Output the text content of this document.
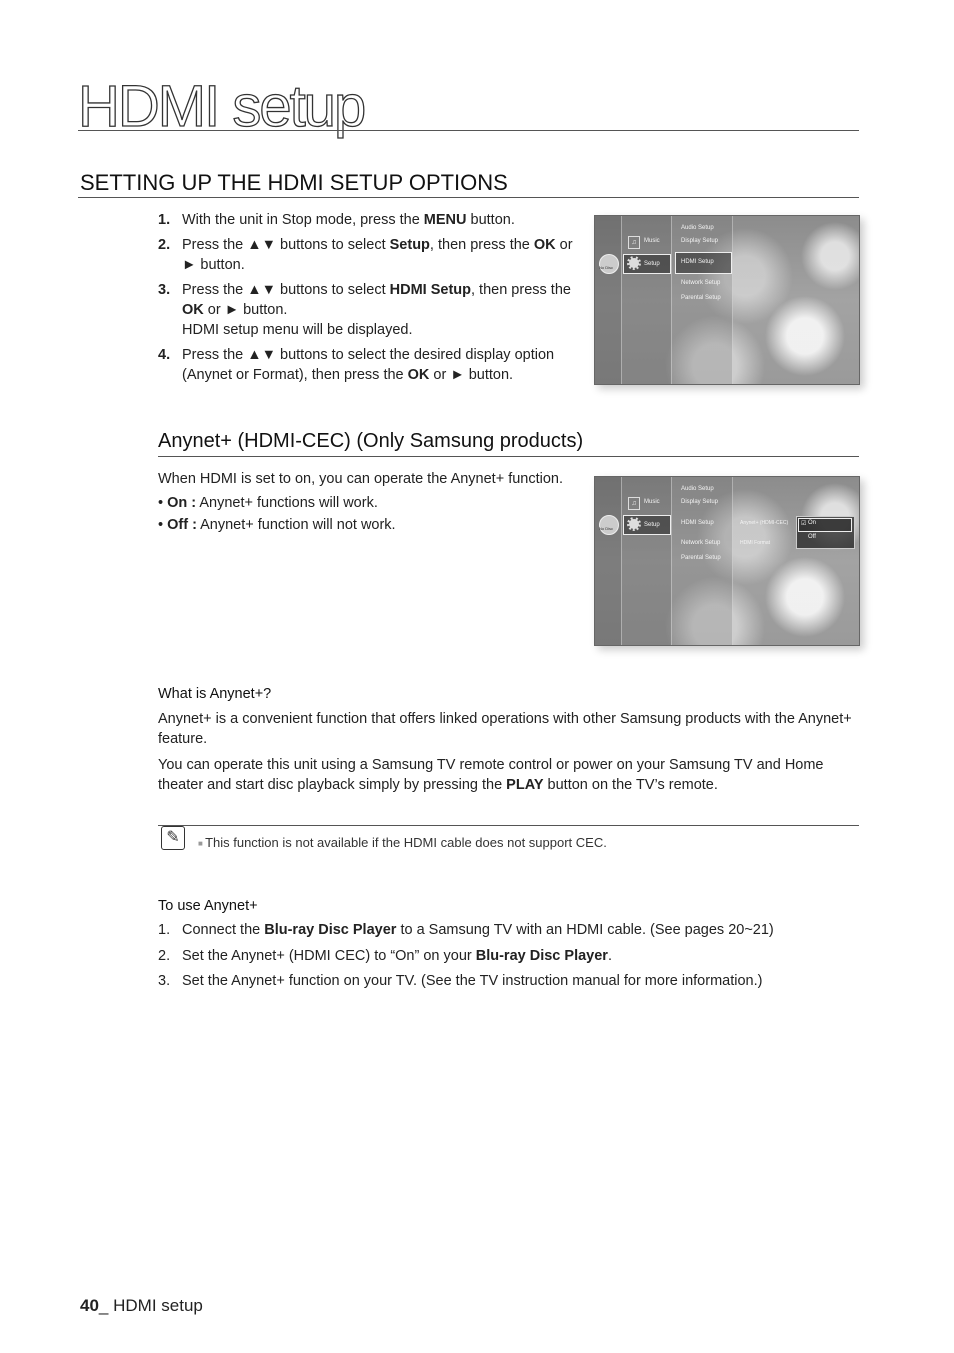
HDMI setup
SETTING UP THE HDMI SETUP OPTIONS
1. With the unit in Stop mode, press the MENU button.
2. Press the ▲▼ buttons to select Setup, then press the OK or ► button.
3. Press the ▲▼ buttons to select HDMI Setup, then press the OK or ► button.
HDMI setup menu will be displayed.
4. Press the ▲▼ buttons to select the desired display option (Anynet or Format), then press the OK or ► button.
No Disc
♫	Music
Setup
Audio Setup
Display Setup
HDMI Setup
Network Setup
Parental Setup
Anynet+ (HDMI-CEC) (Only Samsung products)

When HDMI is set to on, you can operate the Anynet+ function.

• On : Anynet+ functions will work.
• Off : Anynet+ function will not work.	No Disc
♫	Music
Setup
Audio Setup
Display Setup
HDMI Setup
Network Setup
Parental Setup
Anynet+ (HDMI-CEC)
HDMI Format
☑ On
Off
What is Anynet+?

Anynet+ is a convenient function that offers linked operations with other Samsung products with the Anynet+ feature.

You can operate this unit using a Samsung TV remote control or power on your Samsung TV and Home theater and start disc playback simply by pressing the PLAY button on the TV’s remote.

✎

■	This function is not available if the HDMI cable does not support CEC.

To use Anynet+
1. Connect the Blu-ray Disc Player to a Samsung TV with an HDMI cable. (See pages 20~21)
2. Set the Anynet+ (HDMI CEC) to “On” on your Blu-ray Disc Player.
3. Set the Anynet+ function on your TV. (See the TV instruction manual for more information.)

40_ HDMI setup
